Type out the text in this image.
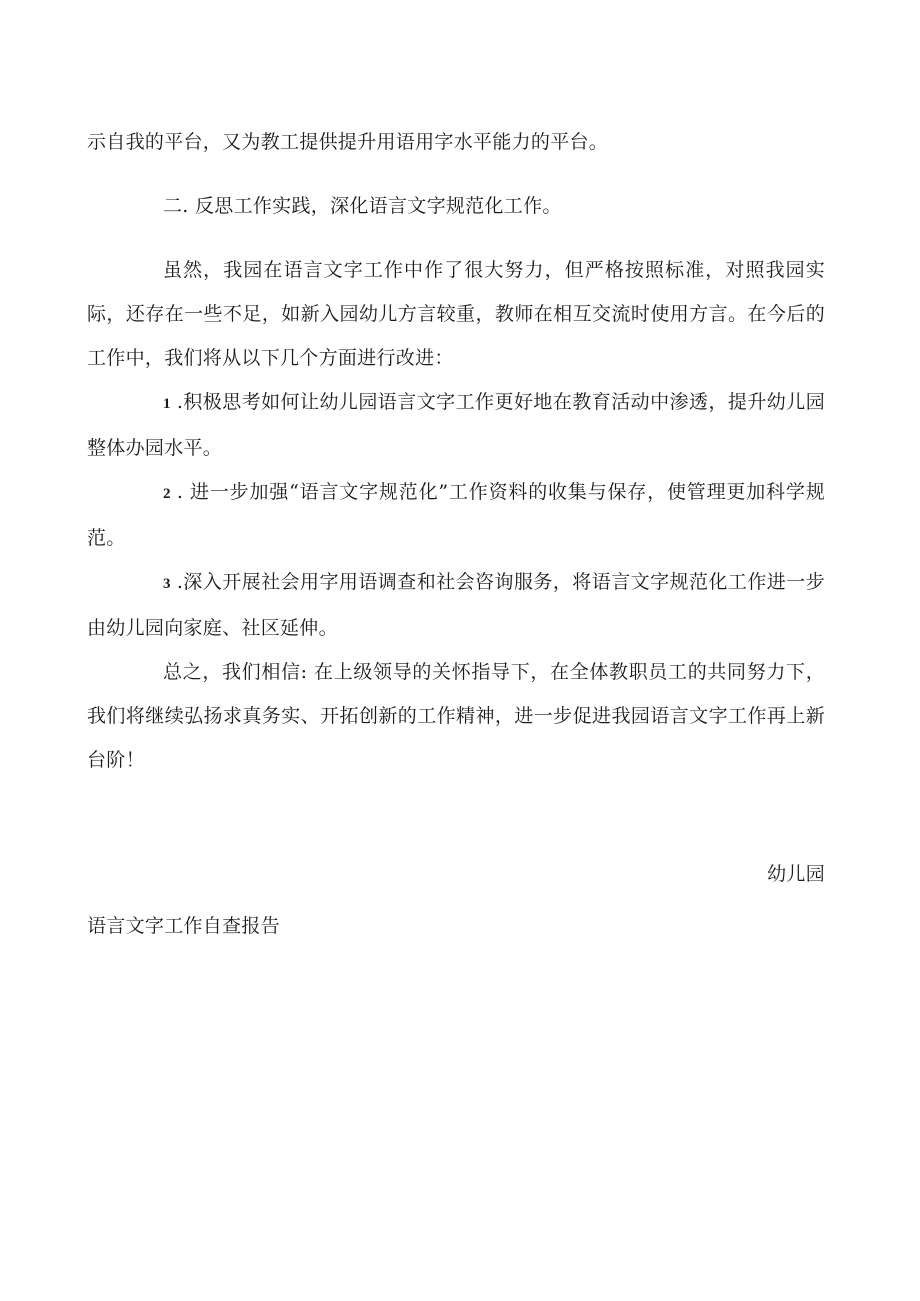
示自我的平台，又为教工提供提升用语用字水平能力的平台。

二. 反思工作实践，深化语言文字规范化工作。

虽然，我园在语言文字工作中作了很大努力，但严格按照标准，对照我园实际，还存在一些不足，如新入园幼儿方言较重，教师在相互交流时使用方言。在今后的工作中，我们将从以下几个方面进行改进：

1 .积极思考如何让幼儿园语言文字工作更好地在教育活动中渗透，提升幼儿园整体办园水平。

2 . 进一步加强“语言文字规范化”工作资料的收集与保存，使管理更加科学规范。

3 .深入开展社会用字用语调查和社会咨询服务，将语言文字规范化工作进一步由幼儿园向家庭、社区延伸。

总之，我们相信: 在上级领导的关怀指导下，在全体教职员工的共同努力下，我们将继续弘扬求真务实、开拓创新的工作精神，进一步促进我园语言文字工作再上新台阶！

幼儿园

语言文字工作自查报告
